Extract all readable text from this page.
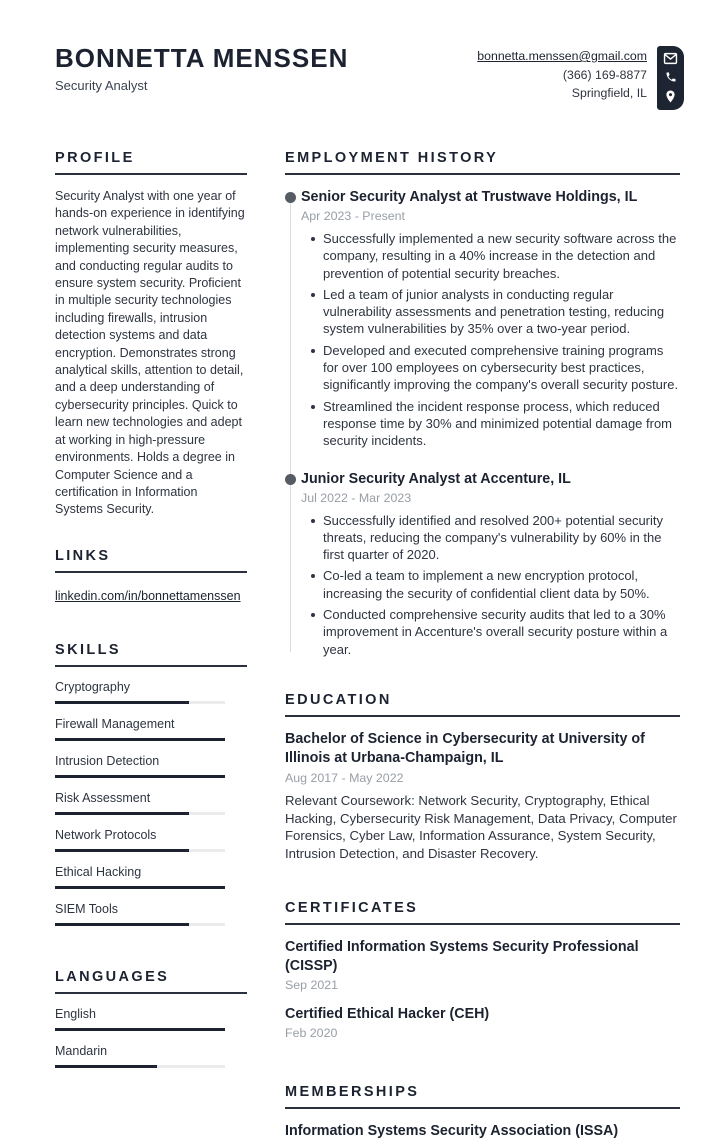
BONNETTA MENSSEN
Security Analyst
bonnetta.menssen@gmail.com
(366) 169-8877
Springfield, IL
PROFILE

Security Analyst with one year of hands-on experience in identifying network vulnerabilities, implementing security measures, and conducting regular audits to ensure system security. Proficient in multiple security technologies including firewalls, intrusion detection systems and data encryption. Demonstrates strong analytical skills, attention to detail, and a deep understanding of cybersecurity principles. Quick to learn new technologies and adept at working in high-pressure environments. Holds a degree in Computer Science and a certification in Information Systems Security.

LINKS
linkedin.com/in/bonnettamenssen
SKILLS
Cryptography
Firewall Management
Intrusion Detection
Risk Assessment
Network Protocols
Ethical Hacking
SIEM Tools
LANGUAGES
English
Mandarin
EMPLOYMENT HISTORY
Senior Security Analyst at Trustwave Holdings, IL
Apr 2023 - Present
Successfully implemented a new security software across the company, resulting in a 40% increase in the detection and prevention of potential security breaches.
Led a team of junior analysts in conducting regular vulnerability assessments and penetration testing, reducing system vulnerabilities by 35% over a two-year period.
Developed and executed comprehensive training programs for over 100 employees on cybersecurity best practices, significantly improving the company's overall security posture.
Streamlined the incident response process, which reduced response time by 30% and minimized potential damage from security incidents.
Junior Security Analyst at Accenture, IL
Jul 2022 - Mar 2023
Successfully identified and resolved 200+ potential security threats, reducing the company's vulnerability by 60% in the first quarter of 2020.
Co-led a team to implement a new encryption protocol, increasing the security of confidential client data by 50%.
Conducted comprehensive security audits that led to a 30% improvement in Accenture's overall security posture within a year.
EDUCATION
Bachelor of Science in Cybersecurity at University of Illinois at Urbana-Champaign, IL
Aug 2017 - May 2022

Relevant Coursework: Network Security, Cryptography, Ethical Hacking, Cybersecurity Risk Management, Data Privacy, Computer Forensics, Cyber Law, Information Assurance, System Security, Intrusion Detection, and Disaster Recovery.

CERTIFICATES
Certified Information Systems Security Professional (CISSP)
Sep 2021
Certified Ethical Hacker (CEH)
Feb 2020
MEMBERSHIPS
Information Systems Security Association (ISSA)
